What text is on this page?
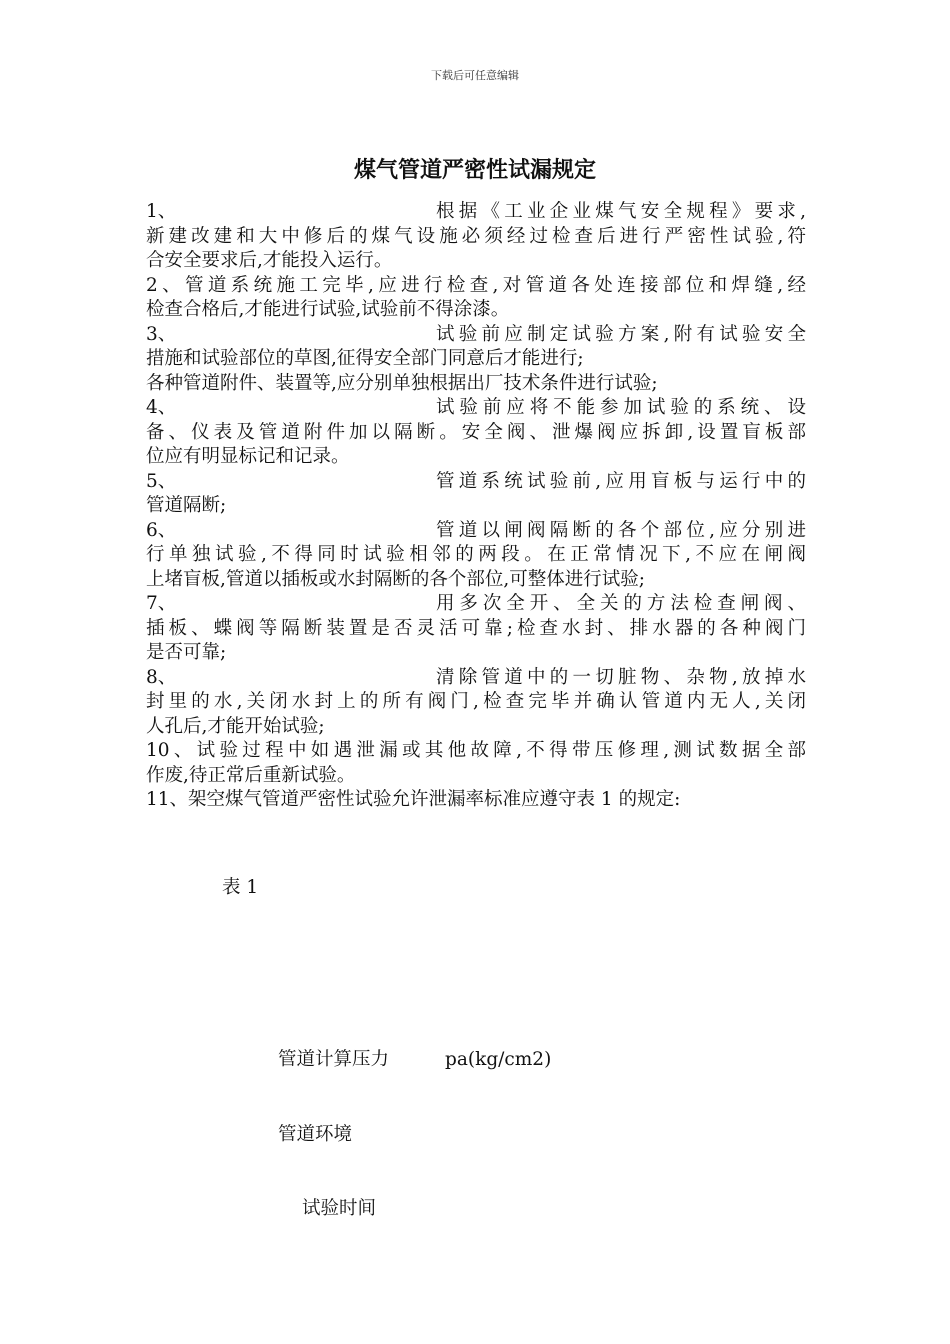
下载后可任意编辑
煤气管道严密性试漏规定
1、	根据《工业企业煤气安全规程》要求,
新建改建和大中修后的煤气设施必须经过检查后进行严密性试验,符
合安全要求后,才能投入运行。
2、管道系统施工完毕,应进行检查,对管道各处连接部位和焊缝,经
检查合格后,才能进行试验,试验前不得涂漆。
3、	试验前应制定试验方案,附有试验安全
措施和试验部位的草图,征得安全部门同意后才能进行;
各种管道附件、装置等,应分别单独根据出厂技术条件进行试验;
4、	试验前应将不能参加试验的系统、设
备、仪表及管道附件加以隔断。安全阀、泄爆阀应拆卸,设置盲板部
位应有明显标记和记录。
5、	管道系统试验前,应用盲板与运行中的
管道隔断;
6、	管道以闸阀隔断的各个部位,应分别进
行单独试验,不得同时试验相邻的两段。在正常情况下,不应在闸阀
上堵盲板,管道以插板或水封隔断的各个部位,可整体进行试验;
7、	用多次全开、全关的方法检查闸阀、
插板、蝶阀等隔断装置是否灵活可靠;检查水封、排水器的各种阀门
是否可靠;
8、	清除管道中的一切脏物、杂物,放掉水
封里的水,关闭水封上的所有阀门,检查完毕并确认管道内无人,关闭
人孔后,才能开始试验;
10、试验过程中如遇泄漏或其他故障,不得带压修理,测试数据全部
作废,待正常后重新试验。
11、架空煤气管道严密性试验允许泄漏率标准应遵守表 1 的规定:
表 1
管道计算压力	pa(kg/cm2)
管道环境
试验时间
